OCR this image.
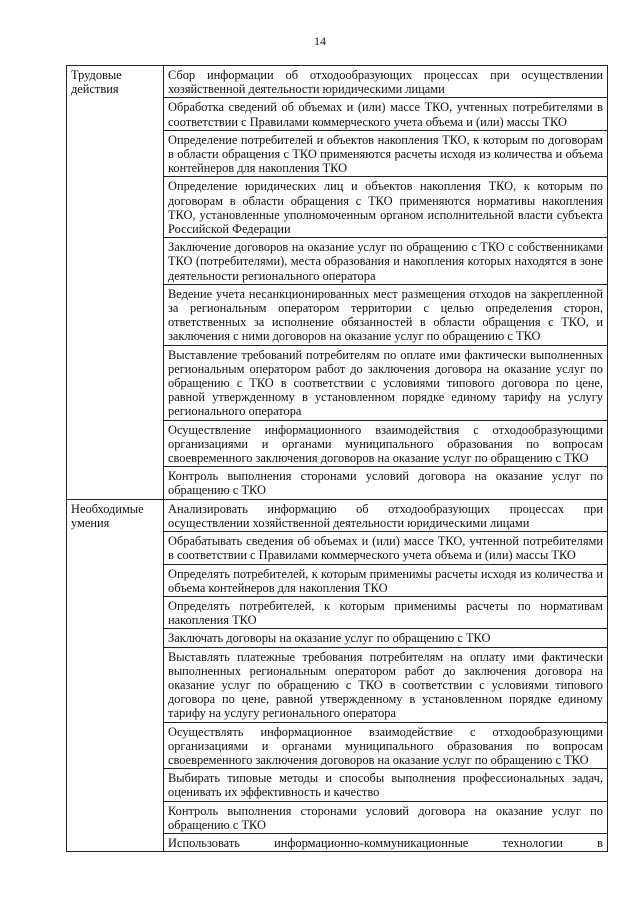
14
Трудовые действия	Сбор информации об отходообразующих процессах при осуществлении хозяйственной деятельности юридическими лицами
	Обработка сведений об объемах и (или) массе ТКО, учтенных потребителями в соответствии с Правилами коммерческого учета объема и (или) массы ТКО
	Определение потребителей и объектов накопления ТКО, к которым по договорам в области обращения с ТКО применяются расчеты исходя из количества и объема контейнеров для накопления ТКО
	Определение юридических лиц и объектов накопления ТКО, к которым по договорам в области обращения с ТКО применяются нормативы накопления ТКО, установленные уполномоченным органом исполнительной власти субъекта Российской Федерации
	Заключение договоров на оказание услуг по обращению с ТКО с собственниками ТКО (потребителями), места образования и накопления которых находятся в зоне деятельности регионального оператора
	Ведение учета несанкционированных мест размещения отходов на закрепленной за региональным оператором территории с целью определения сторон, ответственных за исполнение обязанностей в области обращения с ТКО, и заключения с ними договоров на оказание услуг по обращению с ТКО
	Выставление требований потребителям по оплате ими фактически выполненных региональным оператором работ до заключения договора на оказание услуг по обращению с ТКО в соответствии с условиями типового договора по цене, равной утвержденному в установленном порядке единому тарифу на услугу регионального оператора
	Осуществление информационного взаимодействия с отходообразующими организациями и органами муниципального образования по вопросам своевременного заключения договоров на оказание услуг по обращению с ТКО
	Контроль выполнения сторонами условий договора на оказание услуг по обращению с ТКО
Необходимые умения	Анализировать информацию об отходообразующих процессах при осуществлении хозяйственной деятельности юридическими лицами
	Обрабатывать сведения об объемах и (или) массе ТКО, учтенной потребителями в соответствии с Правилами коммерческого учета объема и (или) массы ТКО
	Определять потребителей, к которым применимы расчеты исходя из количества и объема контейнеров для накопления ТКО
	Определять потребителей, к которым применимы расчеты по нормативам накопления ТКО
	Заключать договоры на оказание услуг по обращению с ТКО
	Выставлять платежные требования потребителям на оплату ими фактически выполненных региональным оператором работ до заключения договора на оказание услуг по обращению с ТКО в соответствии с условиями типового договора по цене, равной утвержденному в установленном порядке единому тарифу на услугу регионального оператора
	Осуществлять информационное взаимодействие с отходообразующими организациями и органами муниципального образования по вопросам своевременного заключения договоров на оказание услуг по обращению с ТКО
	Выбирать типовые методы и способы выполнения профессиональных задач, оценивать их эффективность и качество
	Контроль выполнения сторонами условий договора на оказание услуг по обращению с ТКО

	Использовать информационно-коммуникационные технологии в
